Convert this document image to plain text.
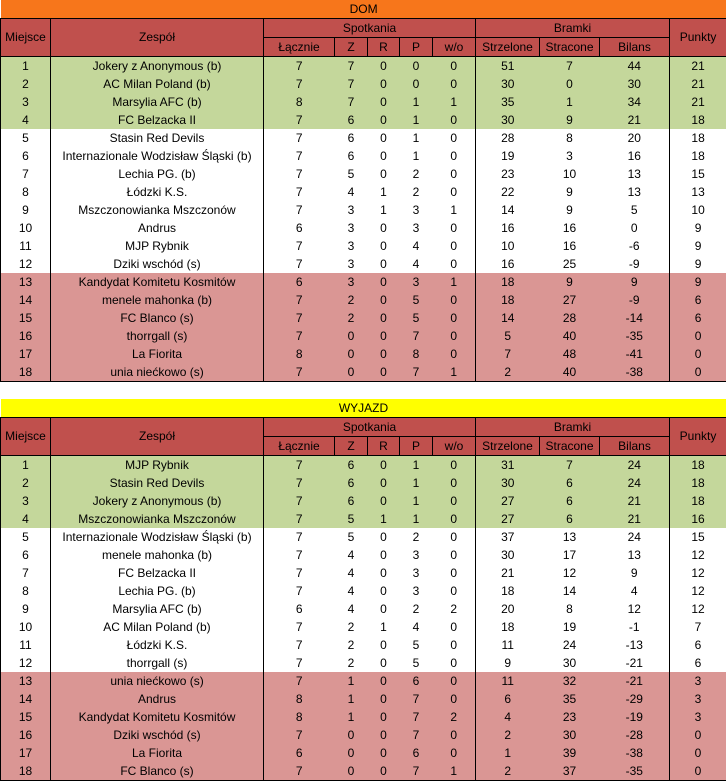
DOM										
Miejsce	Zespół	Spotkania					Bramki			Punkty
		Łącznie	Z	R	P	w/o	Strzelone	Stracone	Bilans	
1	Jokery z Anonymous (b)	7	7	0	0	0	51	7	44	21
2	AC Milan Poland (b)	7	7	0	0	0	30	0	30	21
3	Marsylia AFC (b)	8	7	0	1	1	35	1	34	21
4	FC Belzacka II	7	6	0	1	0	30	9	21	18
5	Stasin Red Devils	7	6	0	1	0	28	8	20	18
6	Internazionale Wodzisław Śląski (b)	7	6	0	1	0	19	3	16	18
7	Lechia PG. (b)	7	5	0	2	0	23	10	13	15
8	Łódzki K.S.	7	4	1	2	0	22	9	13	13
9	Mszczonowianka Mszczonów	7	3	1	3	1	14	9	5	10
10	Andrus	6	3	0	3	0	16	16	0	9
11	MJP Rybnik	7	3	0	4	0	10	16	-6	9
12	Dziki wschód (s)	7	3	0	4	0	16	25	-9	9
13	Kandydat Komitetu Kosmitów	6	3	0	3	1	18	9	9	9
14	menele mahonka (b)	7	2	0	5	0	18	27	-9	6
15	FC Blanco (s)	7	2	0	5	0	14	28	-14	6
16	thorrgall (s)	7	0	0	7	0	5	40	-35	0
17	La Fiorita	8	0	0	8	0	7	48	-41	0
18	unia niećkowo (s)	7	0	0	7	1	2	40	-38	0
WYJAZD										
Miejsce	Zespół	Spotkania					Bramki			Punkty
		Łącznie	Z	R	P	w/o	Strzelone	Stracone	Bilans	
1	MJP Rybnik	7	6	0	1	0	31	7	24	18
2	Stasin Red Devils	7	6	0	1	0	30	6	24	18
3	Jokery z Anonymous (b)	7	6	0	1	0	27	6	21	18
4	Mszczonowianka Mszczonów	7	5	1	1	0	27	6	21	16
5	Internazionale Wodzisław Śląski (b)	7	5	0	2	0	37	13	24	15
6	menele mahonka (b)	7	4	0	3	0	30	17	13	12
7	FC Belzacka II	7	4	0	3	0	21	12	9	12
8	Lechia PG. (b)	7	4	0	3	0	18	14	4	12
9	Marsylia AFC (b)	6	4	0	2	2	20	8	12	12
10	AC Milan Poland (b)	7	2	1	4	0	18	19	-1	7
11	Łódzki K.S.	7	2	0	5	0	11	24	-13	6
12	thorrgall (s)	7	2	0	5	0	9	30	-21	6
13	unia niećkowo (s)	7	1	0	6	0	11	32	-21	3
14	Andrus	8	1	0	7	0	6	35	-29	3
15	Kandydat Komitetu Kosmitów	8	1	0	7	2	4	23	-19	3
16	Dziki wschód (s)	7	0	0	7	0	2	30	-28	0
17	La Fiorita	6	0	0	6	0	1	39	-38	0
18	FC Blanco (s)	7	0	0	7	1	2	37	-35	0
